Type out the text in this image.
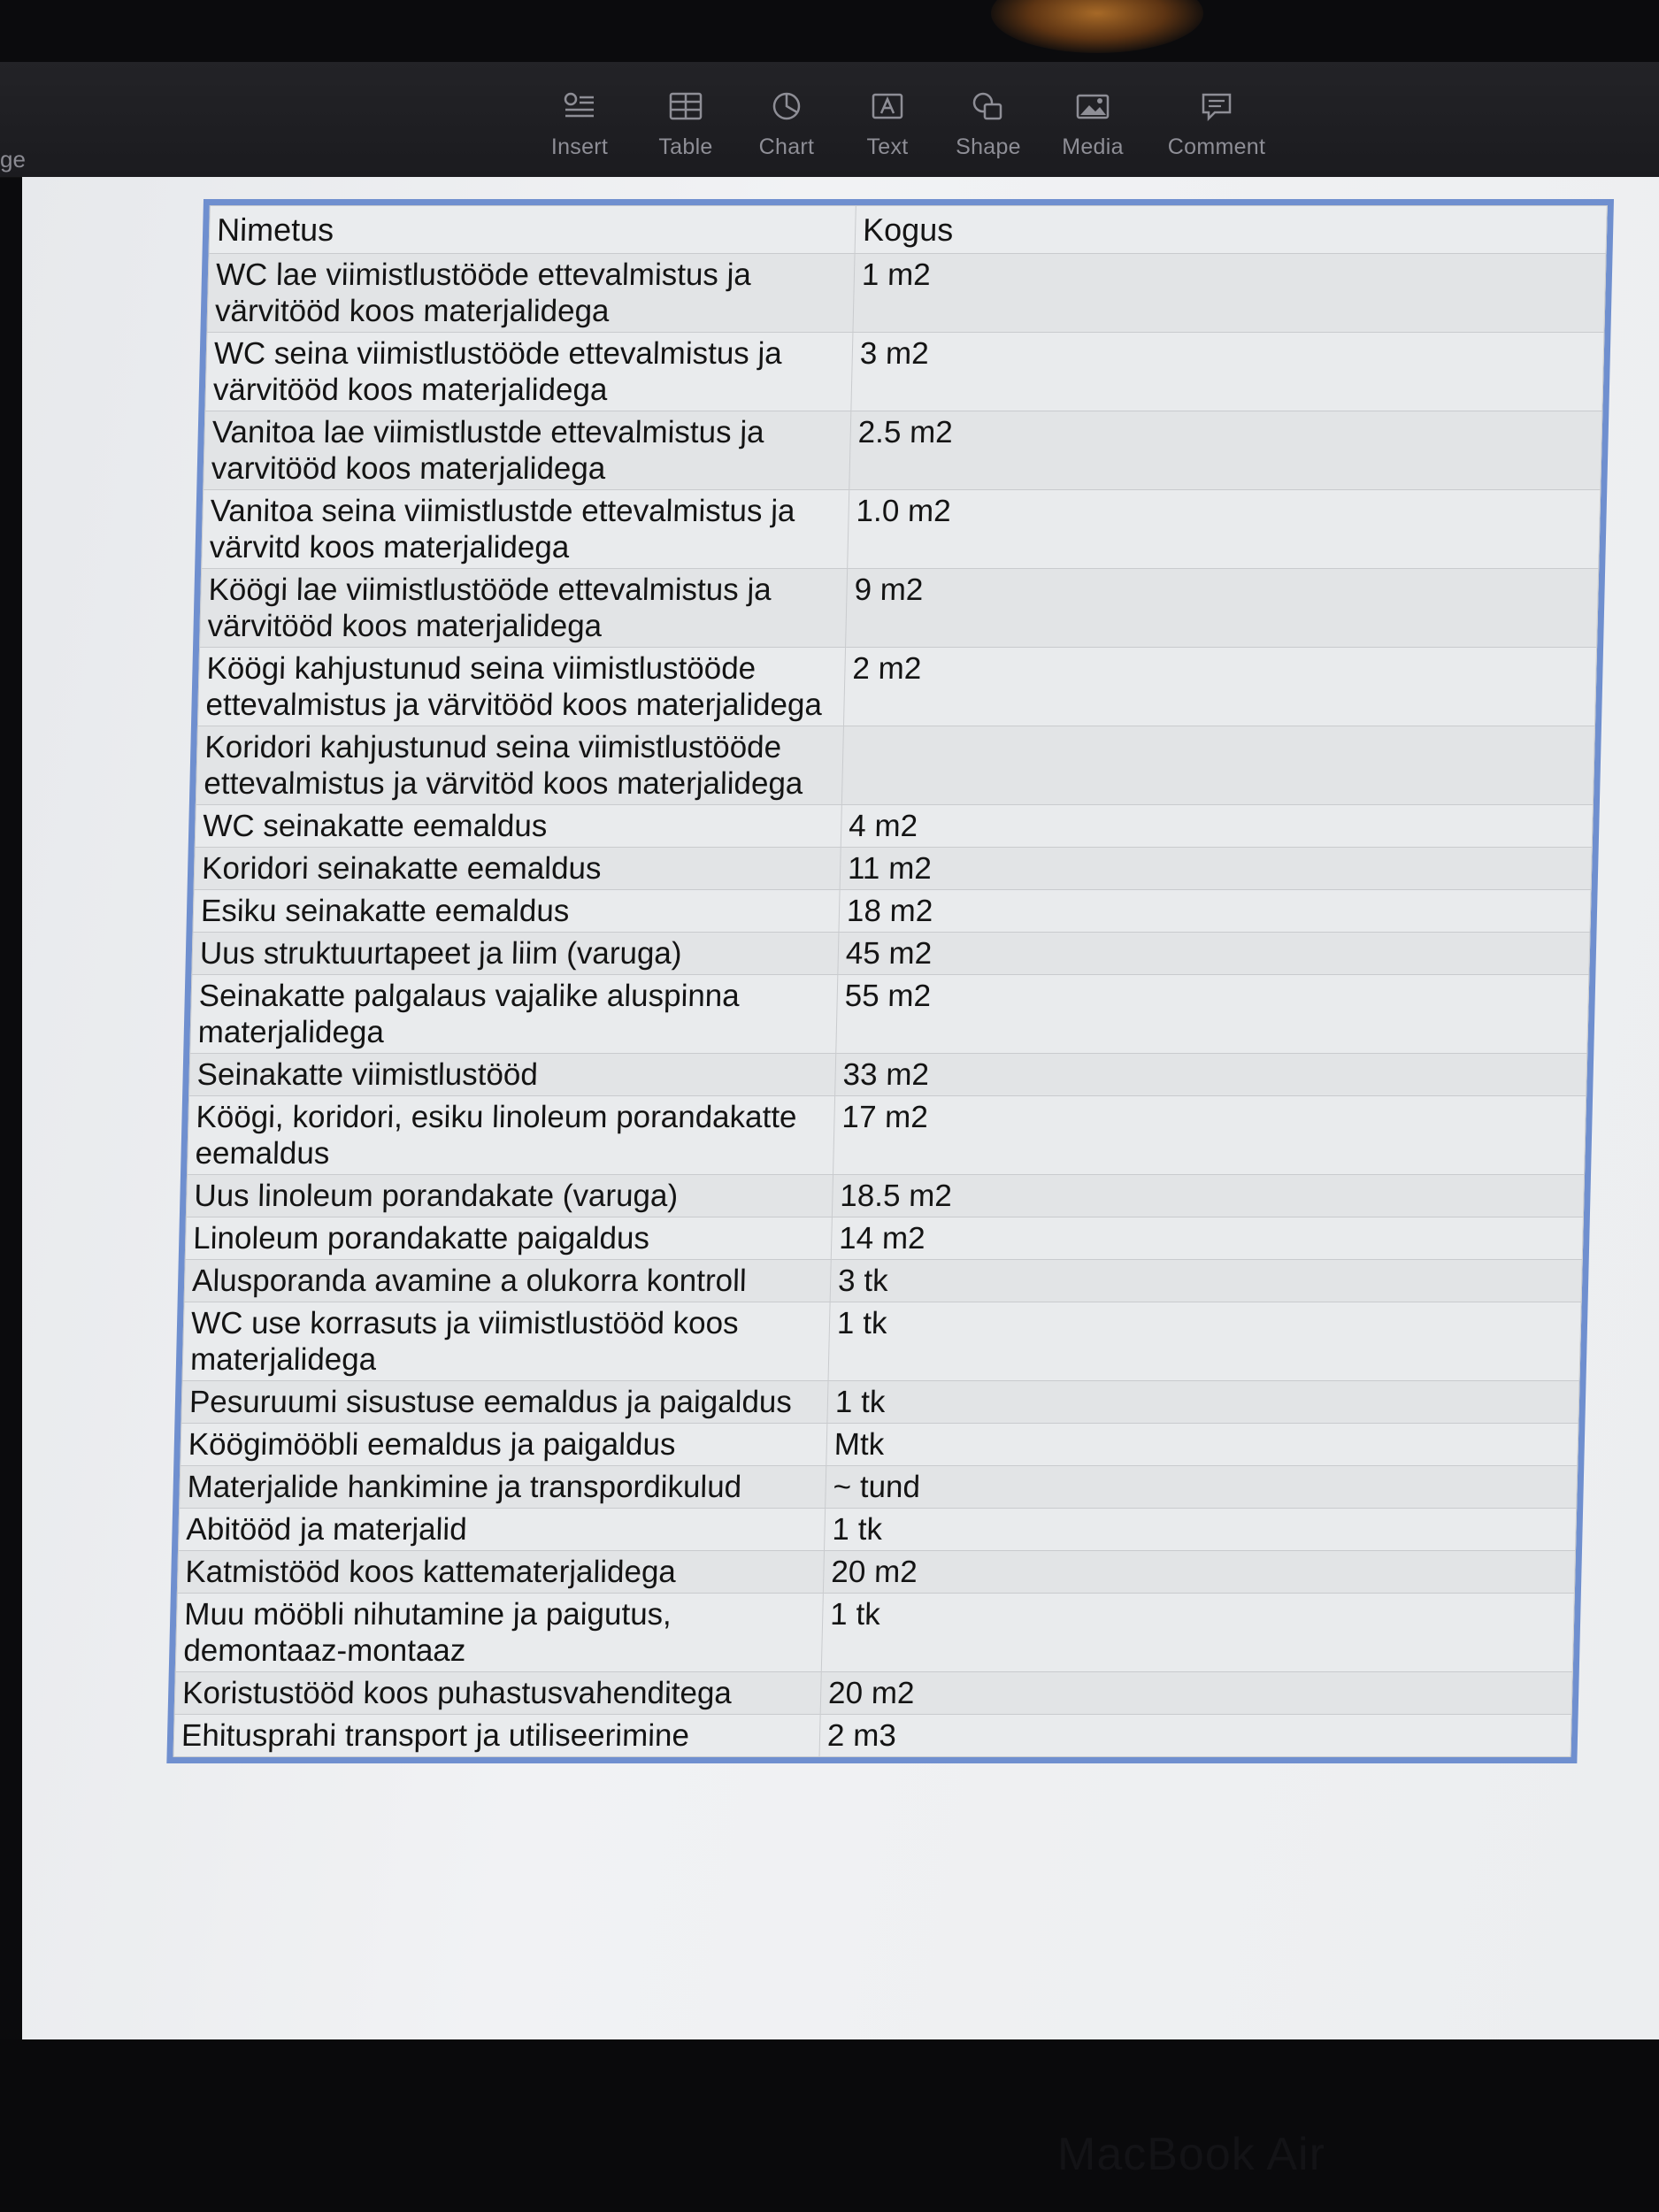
ge	Insert	Table	Chart	Text	Shape	Media	Comment
Nimetus	Kogus
WC lae viimistlustööde ettevalmistus ja värvitööd koos materjalidega	1 m2
WC seina viimistlustööde ettevalmistus ja värvitööd koos materjalidega	3 m2
Vanitoa lae viimistlustde ettevalmistus ja varvitööd koos materjalidega	2.5 m2
Vanitoa seina viimistlustde ettevalmistus ja värvitd koos materjalidega	1.0 m2
Köögi lae viimistlustööde ettevalmistus ja värvitööd koos materjalidega	9 m2
Köögi kahjustunud seina viimistlustööde ettevalmistus ja värvitööd koos materjalidega	2 m2
Koridori kahjustunud seina viimistlustööde ettevalmistus ja värvitöd koos materjalidega	
WC seinakatte eemaldus	4 m2
Koridori seinakatte eemaldus	11 m2
Esiku seinakatte eemaldus	18 m2
Uus struktuurtapeet ja liim (varuga)	45 m2
Seinakatte palgalaus vajalike aluspinna materjalidega	55 m2
Seinakatte viimistlustööd	33 m2
Köögi, koridori, esiku linoleum porandakatte eemaldus	17 m2
Uus linoleum porandakate (varuga)	18.5 m2
Linoleum porandakatte paigaldus	14 m2
Alusporanda avamine a olukorra kontroll	3 tk
WC use korrasuts ja viimistlustööd koos materjalidega	1 tk
Pesuruumi sisustuse eemaldus ja paigaldus	1 tk
Köögimööbli eemaldus ja paigaldus	Mtk
Materjalide hankimine ja transpordikulud	~ tund
Abitööd ja materjalid	1 tk
Katmistööd koos kattematerjalidega	20 m2
Muu mööbli nihutamine ja paigutus, demontaaz-montaaz	1 tk
Koristustööd koos puhastusvahenditega	20 m2
Ehitusprahi transport ja utiliseerimine	2 m3
MacBook Air
